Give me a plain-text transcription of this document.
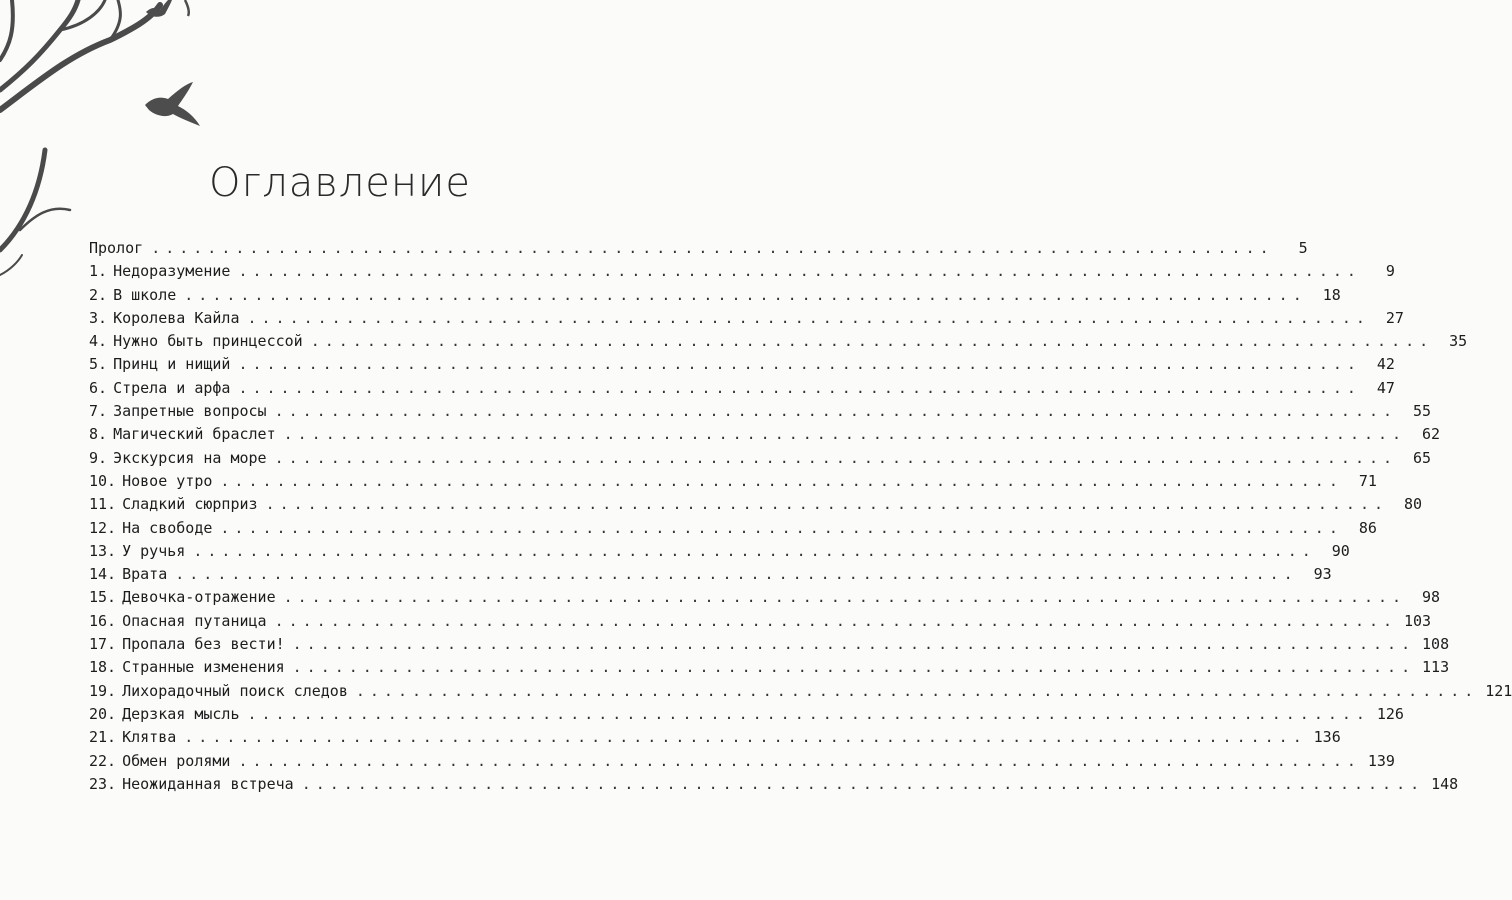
Оглавление
Пролог ................................................................................	5
1. Недоразумение ................................................................................	9
2. В школе ................................................................................	18
3. Королева Кайла ................................................................................	27
4. Нужно быть принцессой ................................................................................	35
5. Принц и нищий ................................................................................	42
6. Стрела и арфа ................................................................................	47
7. Запретные вопросы ................................................................................	55
8. Магический браслет ................................................................................	62
9. Экскурсия на море ................................................................................	65
10. Новое утро ................................................................................	71
11. Сладкий сюрприз ................................................................................	80
12. На свободе ................................................................................	86
13. У ручья ................................................................................	90
14. Врата ................................................................................	93
15. Девочка-отражение ................................................................................	98
16. Опасная путаница ................................................................................ 103
17. Пропала без вести! ................................................................................ 108
18. Странные изменения ................................................................................ 113
19. Лихорадочный поиск следов ................................................................................ 121
20. Дерзкая мысль ................................................................................ 126
21. Клятва ................................................................................ 136
22. Обмен ролями ................................................................................ 139
23. Неожиданная встреча ................................................................................ 148
